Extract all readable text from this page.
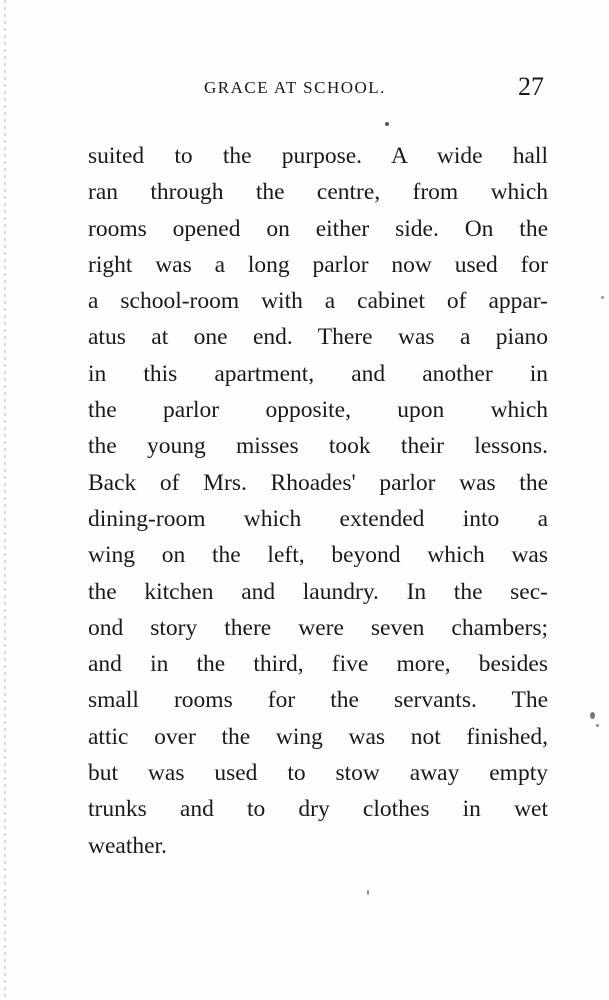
GRACE AT SCHOOL.	27
suited to the purpose. A wide hall
ran through the centre, from which
rooms opened on either side. On the
right was a long parlor now used for
a school-room with a cabinet of appar-
atus at one end. There was a piano
in this apartment, and another in
the parlor opposite, upon which
the young misses took their lessons.
Back of Mrs. Rhoades' parlor was the
dining-room which extended into a
wing on the left, beyond which was
the kitchen and laundry. In the sec-
ond story there were seven chambers;
and in the third, five more, besides
small rooms for the servants. The
attic over the wing was not finished,
but was used to stow away empty
trunks and to dry clothes in wet
weather.
